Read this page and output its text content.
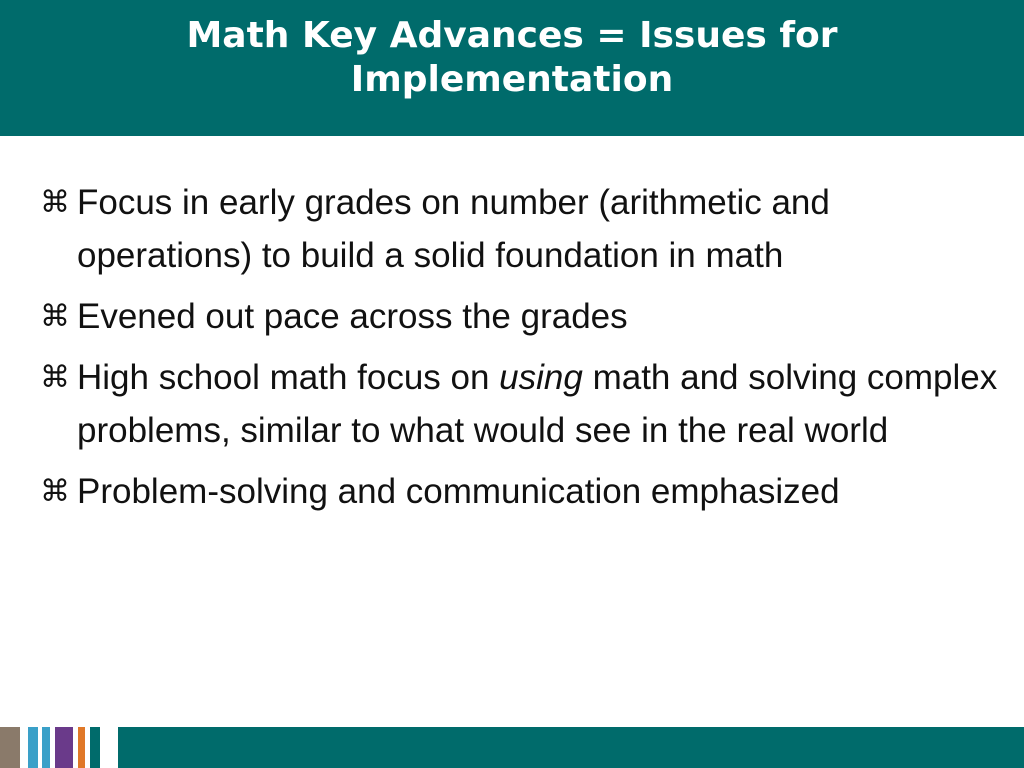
Math Key Advances = Issues for
Implementation
⌘ Focus in early grades on number (arithmetic and operations) to build a solid foundation in math
⌘ Evened out pace across the grades
⌘ High school math focus on using math and solving complex problems, similar to what would see in the real world
⌘ Problem-solving and communication emphasized
